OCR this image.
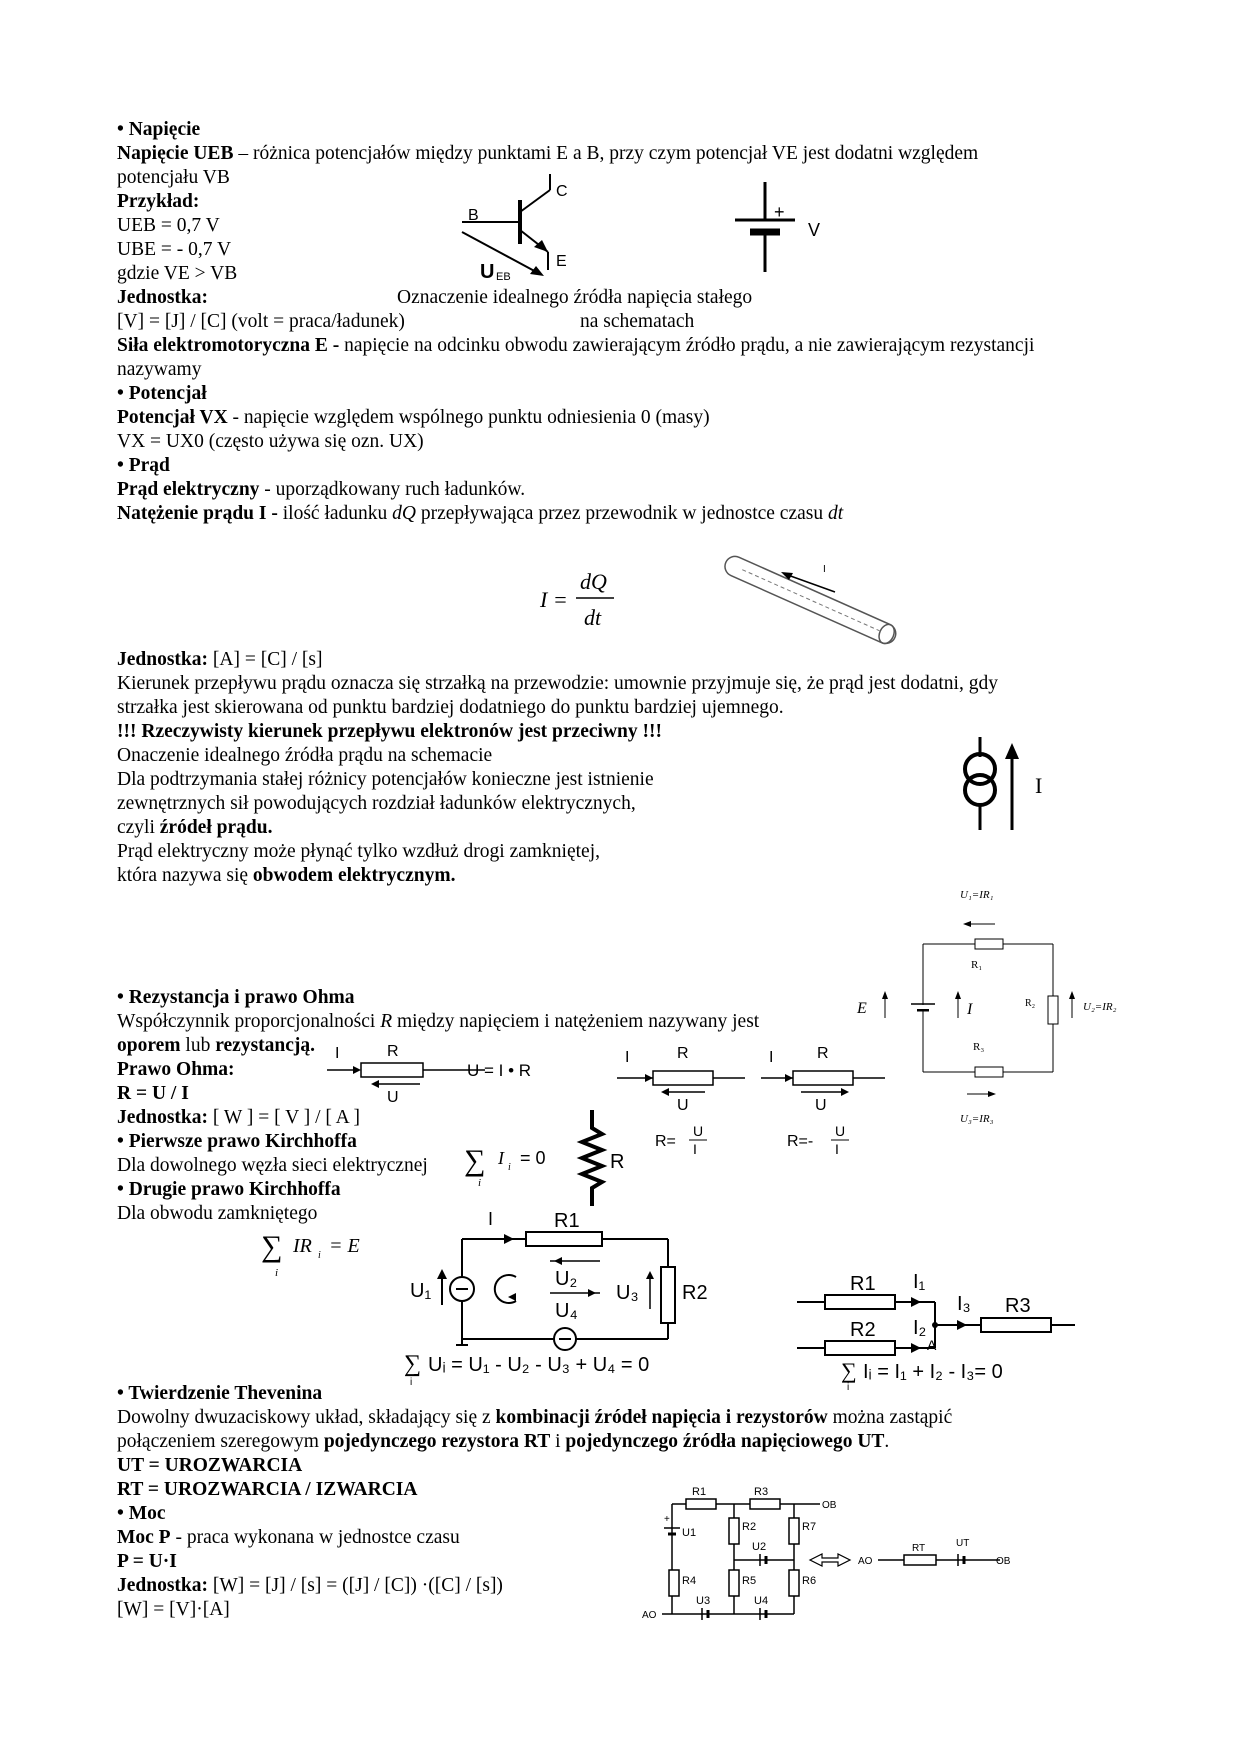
• Napięcie
Napięcie UEB – różnica potencjałów między punktami E a B, przy czym potencjał VE jest dodatni względem
potencjału VB
Przykład:
UEB = 0,7 V
UBE = - 0,7 V
gdzie VE > VB
Jednostka:
[V] = [J] / [C] (volt = praca/ładunek)
Oznaczenie idealnego źródła napięcia stałego
na schematach
Siła elektromotoryczna E - napięcie na odcinku obwodu zawierającym źródło prądu, a nie zawierającym rezystancji
nazywamy
B
C
E
U EB
+
V
• Potencjał
Potencjał VX - napięcie względem wspólnego punktu odniesienia 0 (masy)
VX = UX0 (często używa się ozn. UX)
• Prąd
Prąd elektryczny - uporządkowany ruch ładunków.
Natężenie prądu I - ilość ładunku dQ przepływająca przez przewodnik w jednostce czasu dt
I =
dQ
dt
I
Jednostka: [A] = [C] / [s]
Kierunek przepływu prądu oznacza się strzałką na przewodzie: umownie przyjmuje się, że prąd jest dodatni, gdy
strzałka jest skierowana od punktu bardziej dodatniego do punktu bardziej ujemnego.
!!! Rzeczywisty kierunek przepływu elektronów jest przeciwny !!!
Onaczenie idealnego źródła prądu na schemacie
Dla podtrzymania stałej różnicy potencjałów konieczne jest istnienie
zewnętrznych sił powodujących rozdział ładunków elektrycznych,
czyli źródeł prądu.
Prąd elektryczny może płynąć tylko wzdłuż drogi zamkniętej,
która nazywa się obwodem elektrycznym.
I
U₁=IR₁
R₁
E	I	R₂	U₂=IR₂
R₃
U₃=IR₃
• Rezystancja i prawo Ohma
Współczynnik proporcjonalności R między napięciem i natężeniem nazywany jest
oporem lub rezystancją.
Prawo Ohma:
R = U / I
Jednostka: [ W ] = [ V ] / [ A ]
I	R
U
U = I • R
I	R
U
R=
U
I
I	R
U
R=-
U
I
• Pierwsze prawo Kirchhoffa
Dla dowolnego węzła sieci elektrycznej
• Drugie prawo Kirchhoffa
Dla obwodu zamkniętego
∑
i
I i = 0	R
∑
i
IR i = E
R1
I
U₁
U₂
U₄
R2
U₃
∑
i
Uᵢ = U₁ - U₂ - U₃ + U₄ = 0
R1 I₁
R2 I₂
A
I₃ R3
∑
i
Iᵢ = I₁ + I₂ - I₃= 0
• Twierdzenie Thevenina
Dowolny dwuzaciskowy układ, składający się z kombinacji źródeł napięcia i rezystorów można zastąpić
połączeniem szeregowym pojedynczego rezystora RT i pojedynczego źródła napięciowego UT.
UT = UROZWARCIA
RT = UROZWARCIA / IZWARCIA
• Moc
Moc P - praca wykonana w jednostce czasu
P = U·I
Jednostka: [W] = [J] / [s] = ([J] / [C]) ·([C] / [s])
[W] = [V]·[A]
R1	R3
OB
+
U1	R2	R7
U2
R4	R5	R6
AO
U3	U4
AO
RT	UT
OB
